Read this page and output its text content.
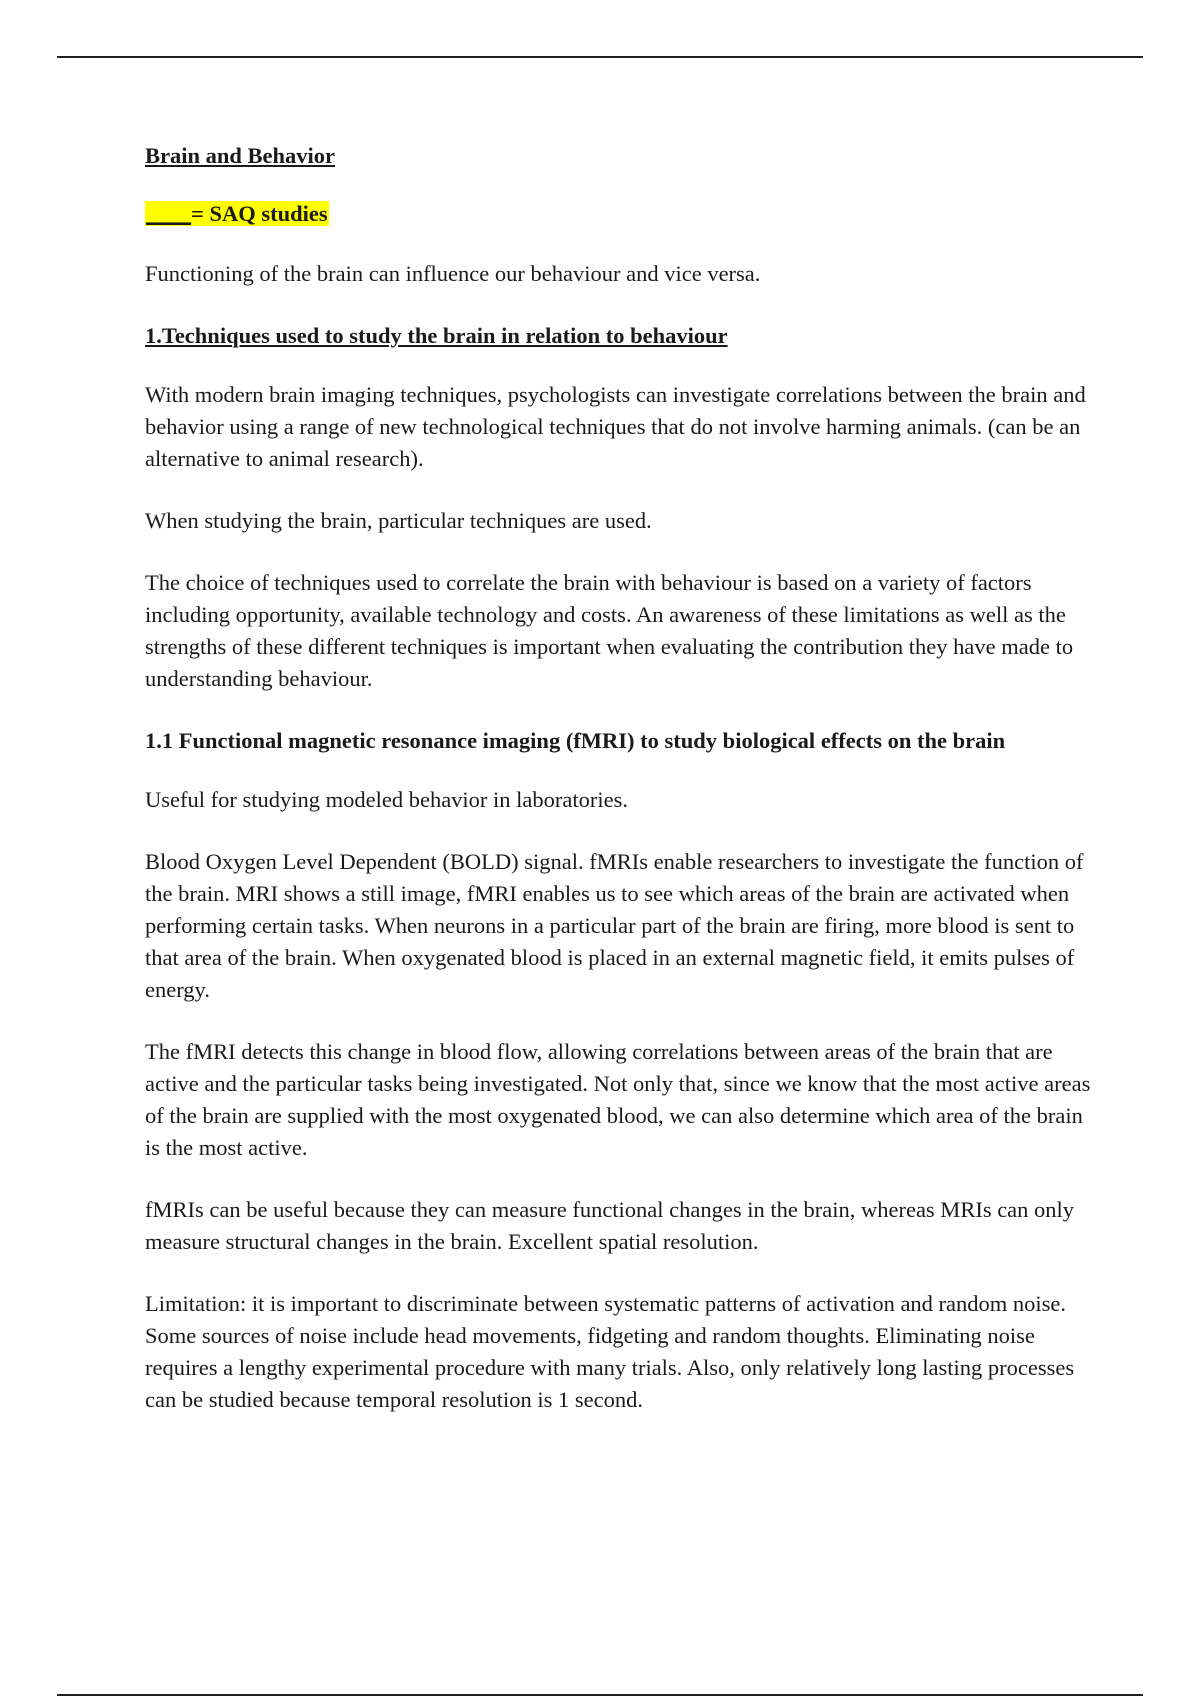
Brain and Behavior
____= SAQ studies

Functioning of the brain can influence our behaviour and vice versa.

1.Techniques used to study the brain in relation to behaviour

With modern brain imaging techniques, psychologists can investigate correlations between the brain and behavior using a range of new technological techniques that do not involve harming animals. (can be an alternative to animal research).

When studying the brain, particular techniques are used.

The choice of techniques used to correlate the brain with behaviour is based on a variety of factors including opportunity, available technology and costs. An awareness of these limitations as well as the strengths of these different techniques is important when evaluating the contribution they have made to understanding behaviour.

1.1 Functional magnetic resonance imaging (fMRI) to study biological effects on the brain

Useful for studying modeled behavior in laboratories.

Blood Oxygen Level Dependent (BOLD) signal. fMRIs enable researchers to investigate the function of the brain. MRI shows a still image, fMRI enables us to see which areas of the brain are activated when performing certain tasks. When neurons in a particular part of the brain are firing, more blood is sent to that area of the brain. When oxygenated blood is placed in an external magnetic field, it emits pulses of energy.

The fMRI detects this change in blood flow, allowing correlations between areas of the brain that are active and the particular tasks being investigated. Not only that, since we know that the most active areas of the brain are supplied with the most oxygenated blood, we can also determine which area of the brain is the most active.

fMRIs can be useful because they can measure functional changes in the brain, whereas MRIs can only measure structural changes in the brain. Excellent spatial resolution.

Limitation: it is important to discriminate between systematic patterns of activation and random noise. Some sources of noise include head movements, fidgeting and random thoughts. Eliminating noise requires a lengthy experimental procedure with many trials. Also, only relatively long lasting processes can be studied because temporal resolution is 1 second.
